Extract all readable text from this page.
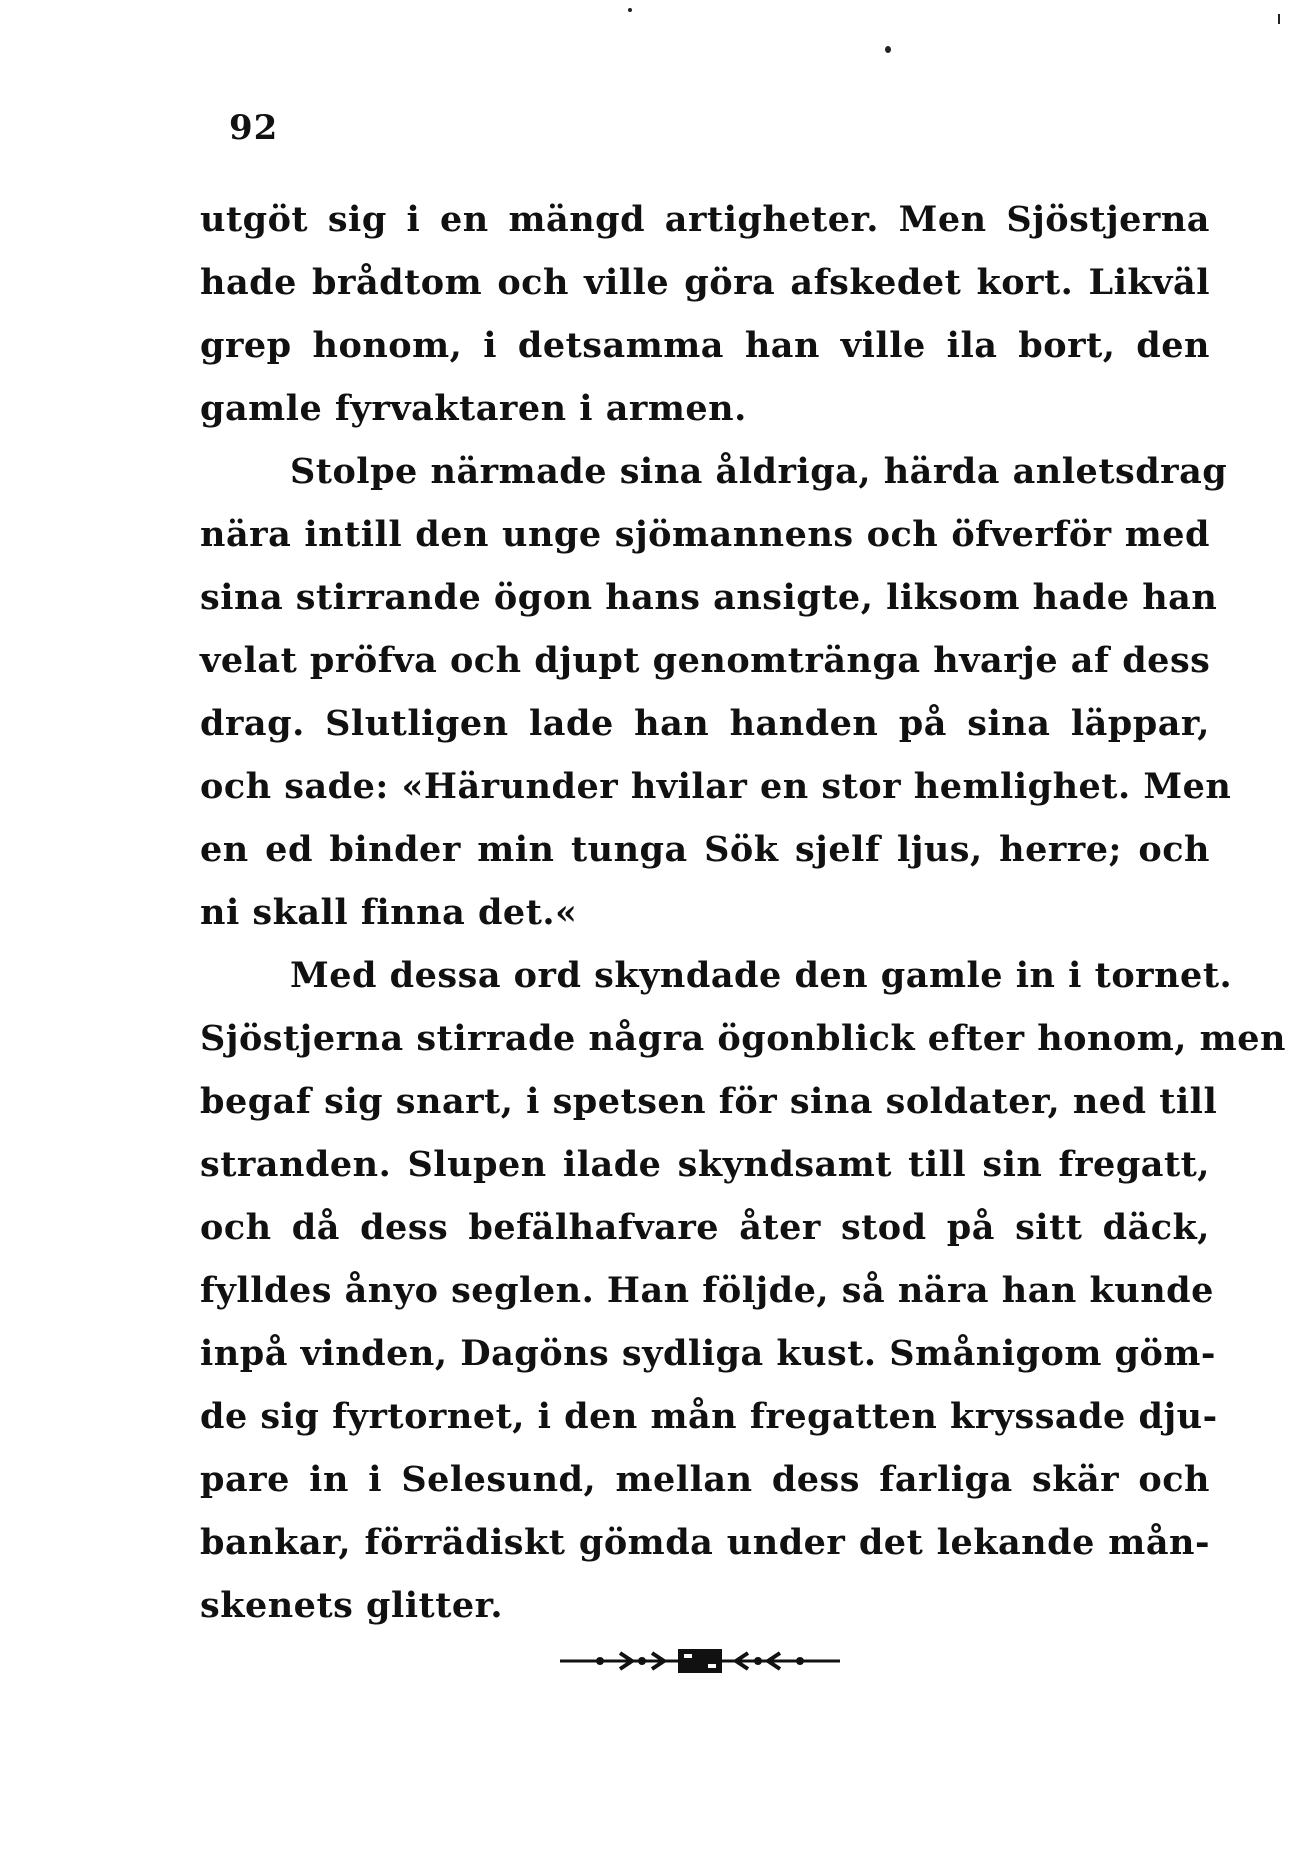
92
utgöt sig i en mängd artigheter. Men Sjöstjerna
hade brådtom och ville göra afskedet kort. Likväl
grep honom, i detsamma han ville ila bort, den
gamle fyrvaktaren i armen.
Stolpe närmade sina åldriga, härda anletsdrag
nära intill den unge sjömannens och öfverför med
sina stirrande ögon hans ansigte, liksom hade han
velat pröfva och djupt genomtränga hvarje af dess
drag. Slutligen lade han handen på sina läppar,
och sade: «Härunder hvilar en stor hemlighet. Men
en ed binder min tunga Sök sjelf ljus, herre; och
ni skall finna det.«
Med dessa ord skyndade den gamle in i tornet.
Sjöstjerna stirrade några ögonblick efter honom, men
begaf sig snart, i spetsen för sina soldater, ned till
stranden. Slupen ilade skyndsamt till sin fregatt,
och då dess befälhafvare åter stod på sitt däck,
fylldes ånyo seglen. Han följde, så nära han kunde
inpå vinden, Dagöns sydliga kust. Smånigom göm-
de sig fyrtornet, i den mån fregatten kryssade dju-
pare in i Selesund, mellan dess farliga skär och
bankar, förrädiskt gömda under det lekande mån-
skenets glitter.
